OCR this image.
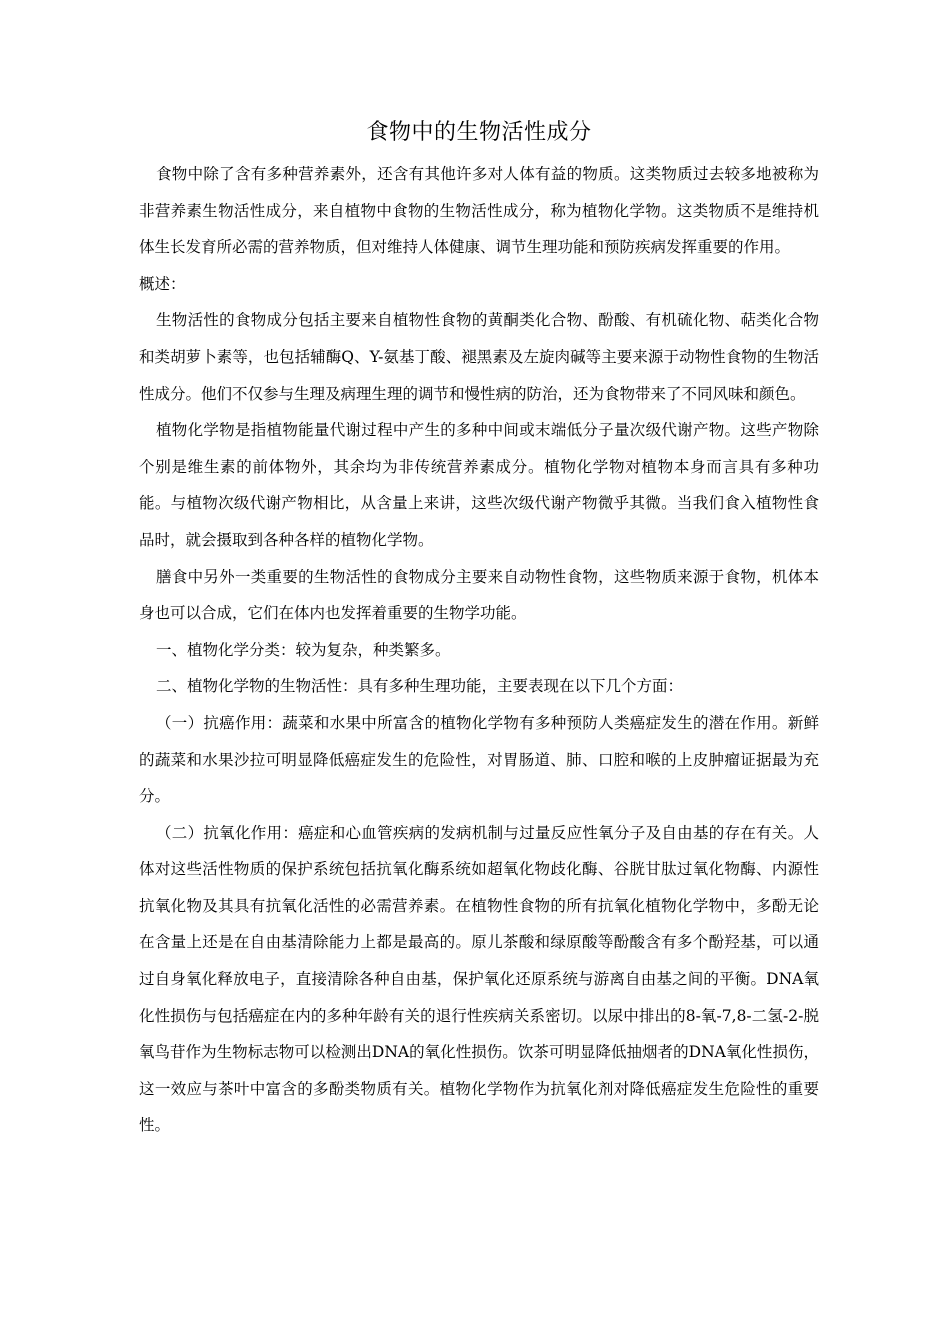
食物中的生物活性成分

食物中除了含有多种营养素外，还含有其他许多对人体有益的物质。这类物质过去较多地被称为非营养素生物活性成分，来自植物中食物的生物活性成分，称为植物化学物。这类物质不是维持机体生长发育所必需的营养物质，但对维持人体健康、调节生理功能和预防疾病发挥重要的作用。

概述：

生物活性的食物成分包括主要来自植物性食物的黄酮类化合物、酚酸、有机硫化物、萜类化合物和类胡萝卜素等，也包括辅酶Q、Y-氨基丁酸、褪黑素及左旋肉碱等主要来源于动物性食物的生物活性成分。他们不仅参与生理及病理生理的调节和慢性病的防治，还为食物带来了不同风味和颜色。

植物化学物是指植物能量代谢过程中产生的多种中间或末端低分子量次级代谢产物。这些产物除个别是维生素的前体物外，其余均为非传统营养素成分。植物化学物对植物本身而言具有多种功能。与植物次级代谢产物相比，从含量上来讲，这些次级代谢产物微乎其微。当我们食入植物性食品时，就会摄取到各种各样的植物化学物。

膳食中另外一类重要的生物活性的食物成分主要来自动物性食物，这些物质来源于食物，机体本身也可以合成，它们在体内也发挥着重要的生物学功能。

一、植物化学分类：较为复杂，种类繁多。

二、植物化学物的生物活性：具有多种生理功能，主要表现在以下几个方面：

（一）抗癌作用：蔬菜和水果中所富含的植物化学物有多种预防人类癌症发生的潜在作用。新鲜的蔬菜和水果沙拉可明显降低癌症发生的危险性，对胃肠道、肺、口腔和喉的上皮肿瘤证据最为充分。

（二）抗氧化作用：癌症和心血管疾病的发病机制与过量反应性氧分子及自由基的存在有关。人体对这些活性物质的保护系统包括抗氧化酶系统如超氧化物歧化酶、谷胱甘肽过氧化物酶、内源性抗氧化物及其具有抗氧化活性的必需营养素。在植物性食物的所有抗氧化植物化学物中，多酚无论在含量上还是在自由基清除能力上都是最高的。原儿茶酸和绿原酸等酚酸含有多个酚羟基，可以通过自身氧化释放电子，直接清除各种自由基，保护氧化还原系统与游离自由基之间的平衡。DNA氧化性损伤与包括癌症在内的多种年龄有关的退行性疾病关系密切。以尿中排出的8-氧-7,8-二氢-2-脱氧鸟苷作为生物标志物可以检测出DNA的氧化性损伤。饮茶可明显降低抽烟者的DNA氧化性损伤，这一效应与茶叶中富含的多酚类物质有关。植物化学物作为抗氧化剂对降低癌症发生危险性的重要性。
